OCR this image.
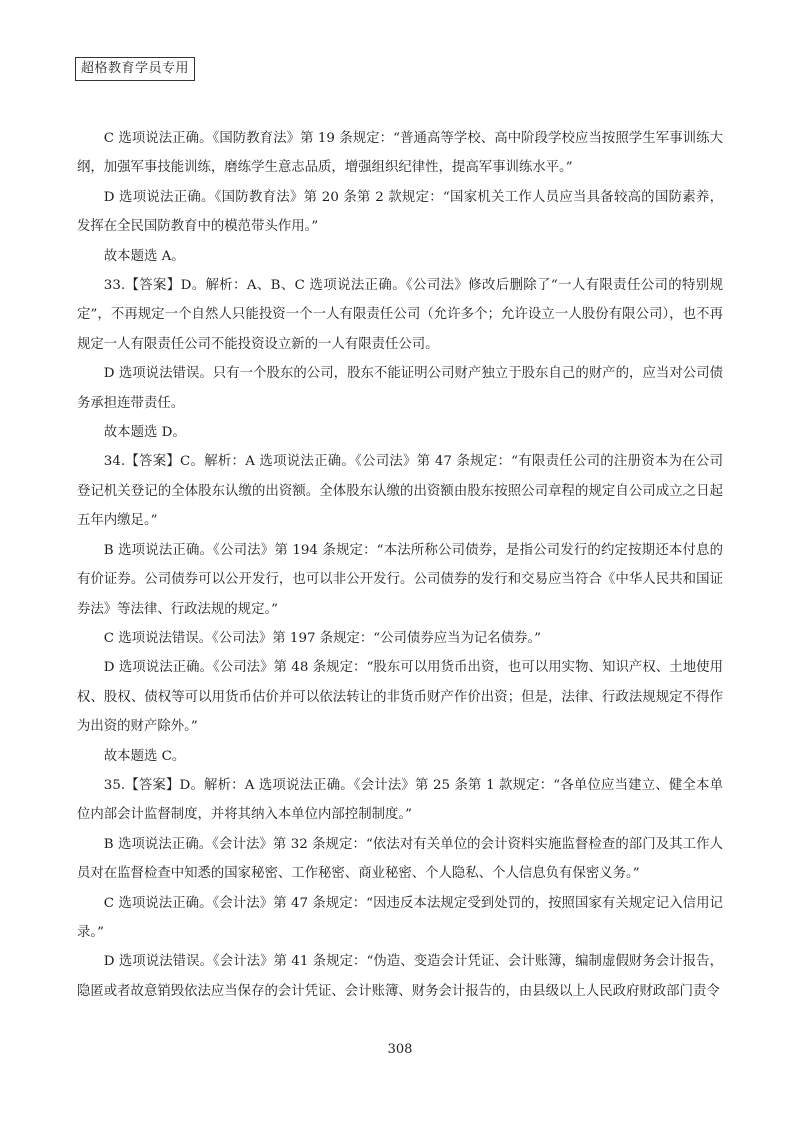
超格教育学员专用

C 选项说法正确。《国防教育法》第 19 条规定：“普通高等学校、高中阶段学校应当按照学生军事训练大纲，加强军事技能训练，磨练学生意志品质，增强组织纪律性，提高军事训练水平。”

D 选项说法正确。《国防教育法》第 20 条第 2 款规定：“国家机关工作人员应当具备较高的国防素养，发挥在全民国防教育中的模范带头作用。”

故本题选 A。

33.【答案】D。解析：A、B、C 选项说法正确。《公司法》修改后删除了“一人有限责任公司的特别规定”，不再规定一个自然人只能投资一个一人有限责任公司（允许多个；允许设立一人股份有限公司），也不再规定一人有限责任公司不能投资设立新的一人有限责任公司。

D 选项说法错误。只有一个股东的公司，股东不能证明公司财产独立于股东自己的财产的，应当对公司债务承担连带责任。

故本题选 D。

34.【答案】C。解析：A 选项说法正确。《公司法》第 47 条规定：“有限责任公司的注册资本为在公司登记机关登记的全体股东认缴的出资额。全体股东认缴的出资额由股东按照公司章程的规定自公司成立之日起五年内缴足。”

B 选项说法正确。《公司法》第 194 条规定：“本法所称公司债券，是指公司发行的约定按期还本付息的有价证券。公司债券可以公开发行，也可以非公开发行。公司债券的发行和交易应当符合《中华人民共和国证券法》等法律、行政法规的规定。”

C 选项说法错误。《公司法》第 197 条规定：“公司债券应当为记名债券。”

D 选项说法正确。《公司法》第 48 条规定：“股东可以用货币出资，也可以用实物、知识产权、土地使用权、股权、债权等可以用货币估价并可以依法转让的非货币财产作价出资；但是，法律、行政法规规定不得作为出资的财产除外。”

故本题选 C。

35.【答案】D。解析：A 选项说法正确。《会计法》第 25 条第 1 款规定：“各单位应当建立、健全本单位内部会计监督制度，并将其纳入本单位内部控制制度。”

B 选项说法正确。《会计法》第 32 条规定：“依法对有关单位的会计资料实施监督检查的部门及其工作人员对在监督检查中知悉的国家秘密、工作秘密、商业秘密、个人隐私、个人信息负有保密义务。”

C 选项说法正确。《会计法》第 47 条规定：“因违反本法规定受到处罚的，按照国家有关规定记入信用记录。”

D 选项说法错误。《会计法》第 41 条规定：“伪造、变造会计凭证、会计账簿，编制虚假财务会计报告，隐匿或者故意销毁依法应当保存的会计凭证、会计账簿、财务会计报告的，由县级以上人民政府财政部门责令

308
